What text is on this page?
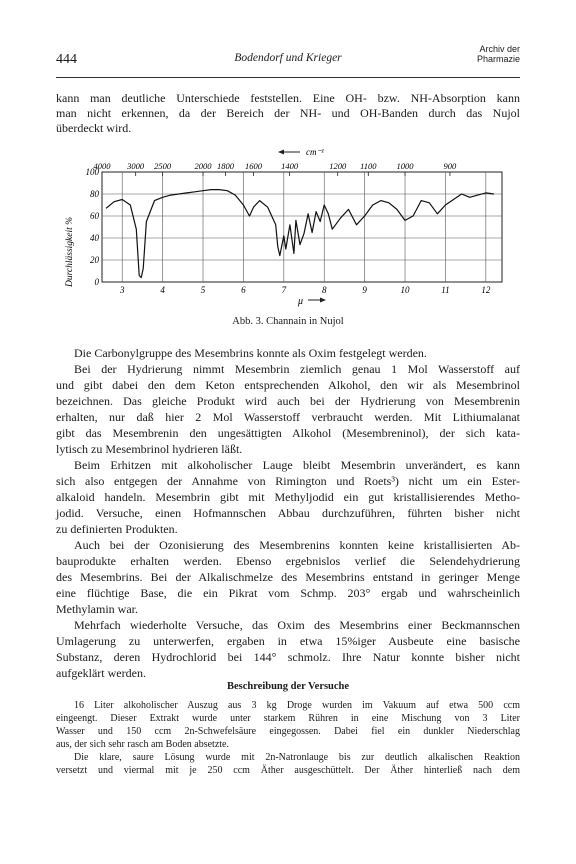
444	Bodendorf und Krieger
Archiv der
Pharmazie
kann man deutliche Unterschiede feststellen. Eine OH- bzw. NH-Absorption kann
man nicht erkennen, da der Bereich der NH- und OH-Banden durch das Nujol
überdeckt wird.
0
20
40
60
80
100
3	4	5	6	7	8	9	10	11	12
4000 3000 2500	2000 1800 1600 1400	1200 1100 1000	900
cm⁻¹
μ
Durchlässigkeit %
Abb. 3. Channain in Nujol
Die Carbonylgruppe des Mesembrins konnte als Oxim festgelegt werden.
Bei der Hydrierung nimmt Mesembrin ziemlich genau 1 Mol Wasserstoff auf
und gibt dabei den dem Keton entsprechenden Alkohol, den wir als Mesembrinol
bezeichnen. Das gleiche Produkt wird auch bei der Hydrierung von Mesembrenin
erhalten, nur daß hier 2 Mol Wasserstoff verbraucht werden. Mit Lithiumalanat
gibt das Mesembrenin den ungesättigten Alkohol (Mesembreninol), der sich kata-
lytisch zu Mesembrinol hydrieren läßt.
Beim Erhitzen mit alkoholischer Lauge bleibt Mesembrin unverändert, es kann
sich also entgegen der Annahme von Rimington und Roets³) nicht um ein Ester-
alkaloid handeln. Mesembrin gibt mit Methyljodid ein gut kristallisierendes Metho-
jodid. Versuche, einen Hofmannschen Abbau durchzuführen, führten bisher nicht
zu definierten Produkten.
Auch bei der Ozonisierung des Mesembrenins konnten keine kristallisierten Ab-
bauprodukte erhalten werden. Ebenso ergebnislos verlief die Selendehydrierung
des Mesembrins. Bei der Alkalischmelze des Mesembrins entstand in geringer Menge
eine flüchtige Base, die ein Pikrat vom Schmp. 203° ergab und wahrscheinlich
Methylamin war.
Mehrfach wiederholte Versuche, das Oxim des Mesembrins einer Beckmannschen
Umlagerung zu unterwerfen, ergaben in etwa 15%iger Ausbeute eine basische
Substanz, deren Hydrochlorid bei 144° schmolz. Ihre Natur konnte bisher nicht
aufgeklärt werden.
Beschreibung der Versuche
16 Liter alkoholischer Auszug aus 3 kg Droge wurden im Vakuum auf etwa 500 ccm
eingeengt. Dieser Extrakt wurde unter starkem Rühren in eine Mischung von 3 Liter
Wasser und 150 ccm 2n-Schwefelsäure eingegossen. Dabei fiel ein dunkler Niederschlag
aus, der sich sehr rasch am Boden absetzte.
Die klare, saure Lösung wurde mit 2n-Natronlauge bis zur deutlich alkalischen Reaktion
versetzt und viermal mit je 250 ccm Äther ausgeschüttelt. Der Äther hinterließ nach dem
